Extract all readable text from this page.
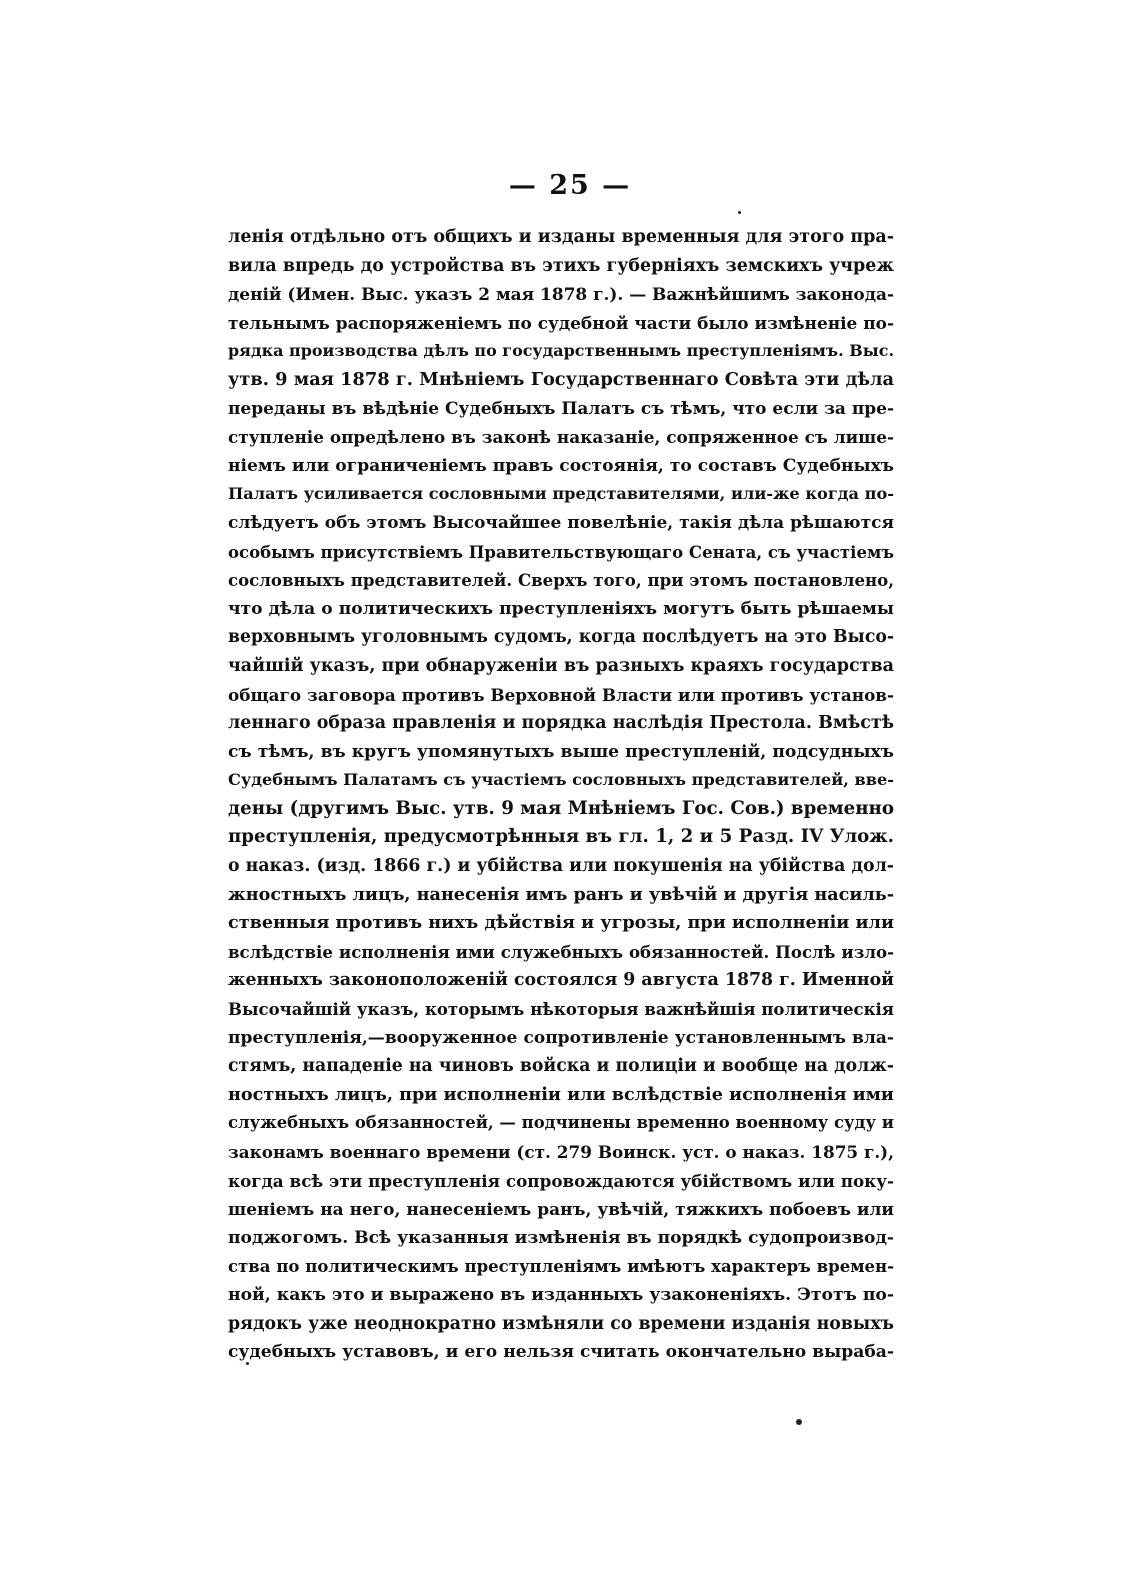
— 25 —
ленія отдѣльно отъ общихъ и изданы временныя для этого пра-
вила впредь до устройства въ этихъ губерніяхъ земскихъ учреж
деній (Имен. Выс. указъ 2 мая 1878 г.). — Важнѣйшимъ законода-
тельнымъ распоряженіемъ по судебной части было измѣненіе по-
рядка производства дѣлъ по государственнымъ преступленіямъ. Выс.
утв. 9 мая 1878 г. Мнѣніемъ Государственнаго Совѣта эти дѣла
переданы въ вѣдѣніе Судебныхъ Палатъ съ тѣмъ, что если за пре-
ступленіе опредѣлено въ законѣ наказаніе, сопряженное съ лише-
ніемъ или ограниченіемъ правъ состоянія, то составъ Судебныхъ
Палатъ усиливается сословными представителями, или-же когда по-
слѣдуетъ объ этомъ Высочайшее повелѣніе, такія дѣла рѣшаются
особымъ присутствіемъ Правительствующаго Сената, съ участіемъ
сословныхъ представителей. Сверхъ того, при этомъ постановлено,
что дѣла о политическихъ преступленіяхъ могутъ быть рѣшаемы
верховнымъ уголовнымъ судомъ, когда послѣдуетъ на это Высо-
чайшій указъ, при обнаруженіи въ разныхъ краяхъ государства
общаго заговора противъ Верховной Власти или противъ установ-
леннаго образа правленія и порядка наслѣдія Престола. Вмѣстѣ
съ тѣмъ, въ кругъ упомянутыхъ выше преступленій, подсудныхъ
Судебнымъ Палатамъ съ участіемъ сословныхъ представителей, вве-
дены (другимъ Выс. утв. 9 мая Мнѣніемъ Гос. Сов.) временно
преступленія, предусмотрѣнныя въ гл. 1, 2 и 5 Разд. IV Улож.
о наказ. (изд. 1866 г.) и убійства или покушенія на убійства дол-
жностныхъ лицъ, нанесенія имъ ранъ и увѣчій и другія насиль-
ственныя противъ нихъ дѣйствія и угрозы, при исполненіи или
вслѣдствіе исполненія ими служебныхъ обязанностей. Послѣ изло-
женныхъ законоположеній состоялся 9 августа 1878 г. Именной
Высочайшій указъ, которымъ нѣкоторыя важнѣйшія политическія
преступленія,—вооруженное сопротивленіе установленнымъ вла-
стямъ, нападеніе на чиновъ войска и полиціи и вообще на долж-
ностныхъ лицъ, при исполненіи или вслѣдствіе исполненія ими
служебныхъ обязанностей, — подчинены временно военному суду и
законамъ военнаго времени (ст. 279 Воинск. уст. о наказ. 1875 г.),
когда всѣ эти преступленія сопровождаются убійствомъ или поку-
шеніемъ на него, нанесеніемъ ранъ, увѣчій, тяжкихъ побоевъ или
поджогомъ. Всѣ указанныя измѣненія въ порядкѣ судопроизвод-
ства по политическимъ преступленіямъ имѣютъ характеръ времен-
ной, какъ это и выражено въ изданныхъ узаконеніяхъ. Этотъ по-
рядокъ уже неоднократно измѣняли со времени изданія новыхъ
судебныхъ уставовъ, и его нельзя считать окончательно выраба-
